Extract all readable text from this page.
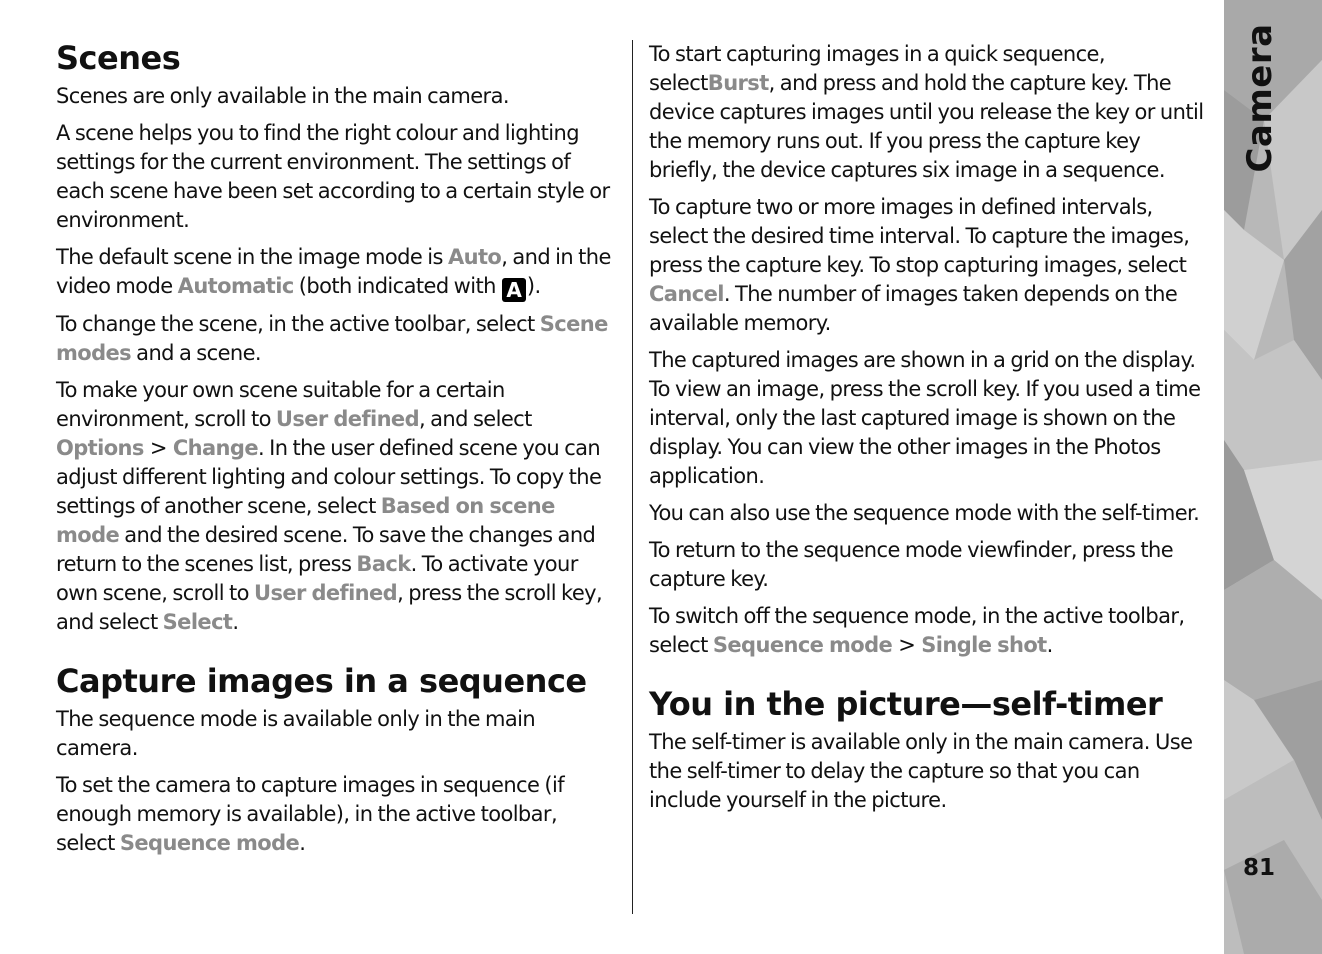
Scenes

Scenes are only available in the main camera.

A scene helps you to find the right colour and lighting settings for the current environment. The settings of each scene have been set according to a certain style or environment.

The default scene in the image mode is Auto, and in the video mode Automatic (both indicated with A ).

To change the scene, in the active toolbar, select Scene modes and a scene.

To make your own scene suitable for a certain environment, scroll to User defined, and select Options > Change. In the user defined scene you can adjust different lighting and colour settings. To copy the settings of another scene, select Based on scene mode and the desired scene. To save the changes and return to the scenes list, press Back. To activate your own scene, scroll to User defined, press the scroll key, and select Select.

Capture images in a sequence

The sequence mode is available only in the main camera.

To set the camera to capture images in sequence (if enough memory is available), in the active toolbar, select Sequence mode.

To start capturing images in a quick sequence, selectBurst, and press and hold the capture key. The device captures images until you release the key or until the memory runs out. If you press the capture key briefly, the device captures six image in a sequence.

To capture two or more images in defined intervals, select the desired time interval. To capture the images, press the capture key. To stop capturing images, select Cancel. The number of images taken depends on the available memory.

The captured images are shown in a grid on the display. To view an image, press the scroll key. If you used a time interval, only the last captured image is shown on the display. You can view the other images in the Photos application.

You can also use the sequence mode with the self-timer.

To return to the sequence mode viewfinder, press the capture key.

To switch off the sequence mode, in the active toolbar, select Sequence mode > Single shot.

You in the picture—self-timer

The self-timer is available only in the main camera. Use the self-timer to delay the capture so that you can include yourself in the picture.

Camera
81
